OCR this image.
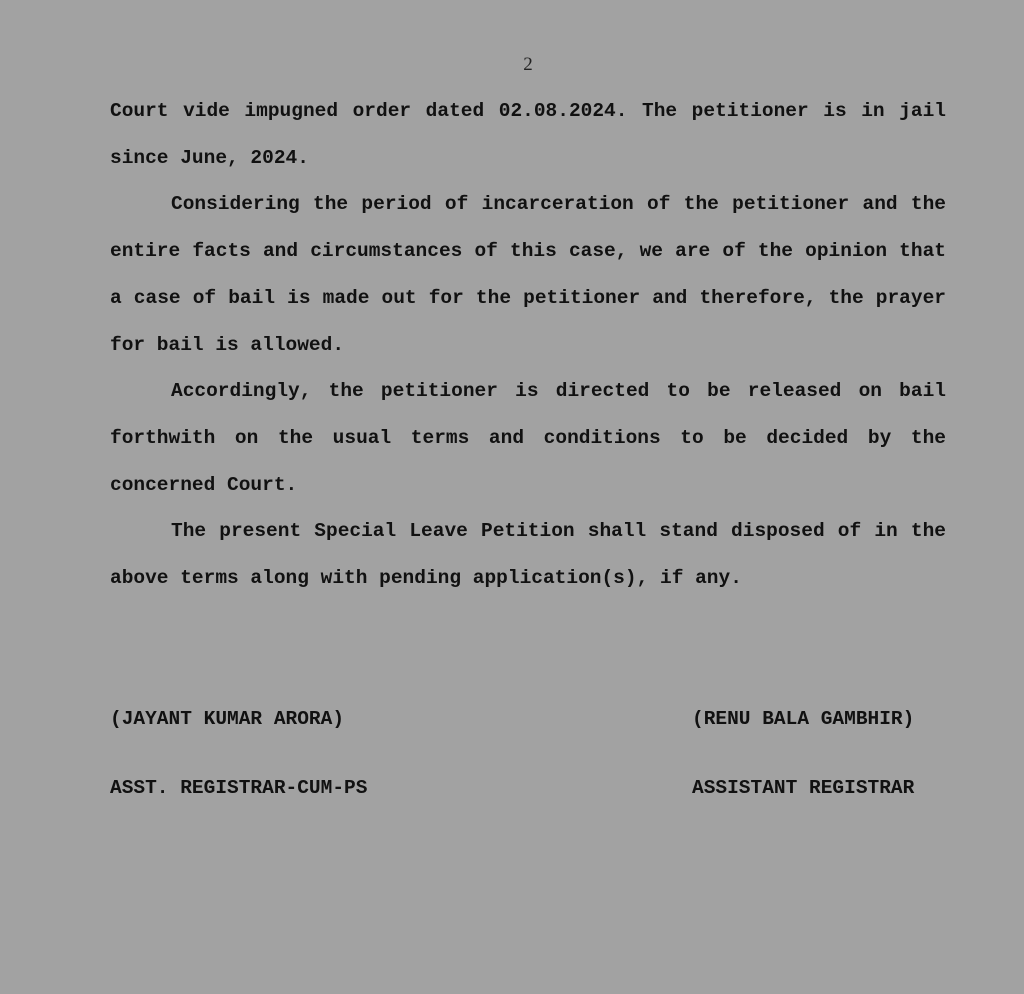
2

Court vide impugned order dated 02.08.2024. The petitioner is in jail since June, 2024.

Considering the period of incarceration of the petitioner and the entire facts and circumstances of this case, we are of the opinion that a case of bail is made out for the petitioner and therefore, the prayer for bail is allowed.

Accordingly, the petitioner is directed to be released on bail forthwith on the usual terms and conditions to be decided by the concerned Court.

The present Special Leave Petition shall stand disposed of in the above terms along with pending application(s), if any.

(JAYANT KUMAR ARORA)

ASST. REGISTRAR-CUM-PS

(RENU BALA GAMBHIR)

ASSISTANT REGISTRAR
